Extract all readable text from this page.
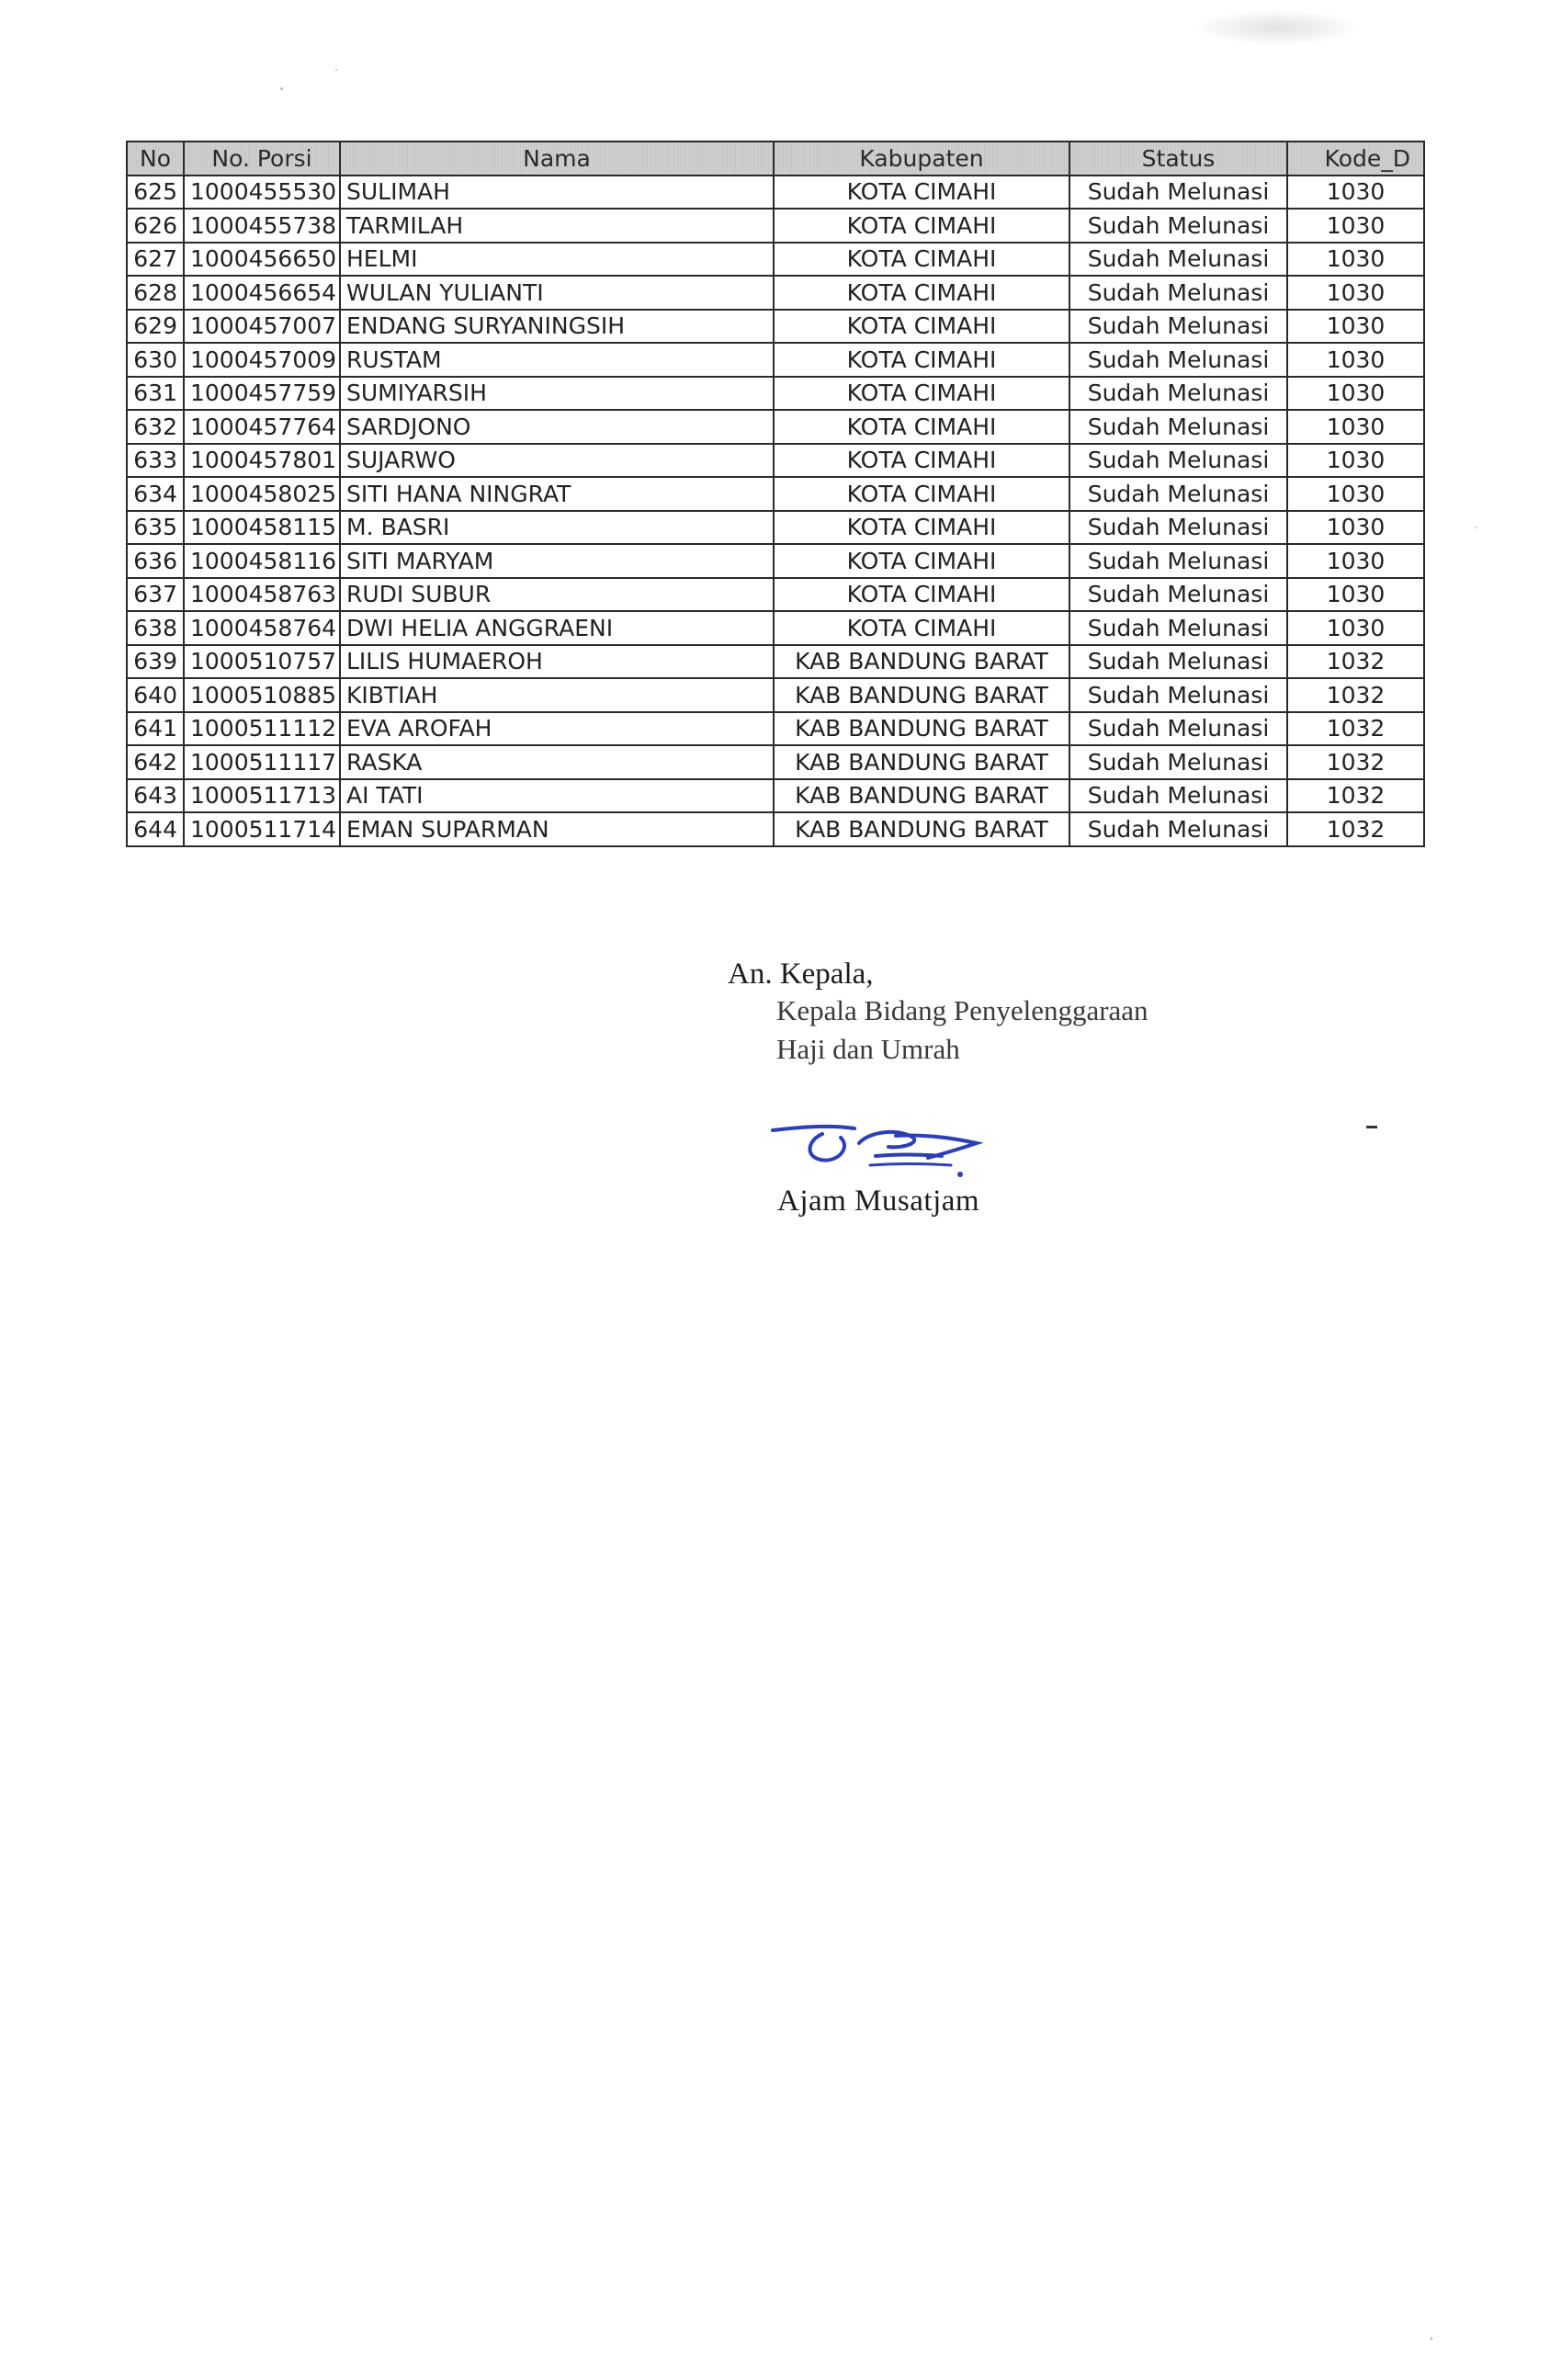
No	No. Porsi	Nama	Kabupaten	Status	Kode_D
625	1000455530	SULIMAH	KOTA CIMAHI	Sudah Melunasi	1030
626	1000455738	TARMILAH	KOTA CIMAHI	Sudah Melunasi	1030
627	1000456650	HELMI	KOTA CIMAHI	Sudah Melunasi	1030
628	1000456654	WULAN YULIANTI	KOTA CIMAHI	Sudah Melunasi	1030
629	1000457007	ENDANG SURYANINGSIH	KOTA CIMAHI	Sudah Melunasi	1030
630	1000457009	RUSTAM	KOTA CIMAHI	Sudah Melunasi	1030
631	1000457759	SUMIYARSIH	KOTA CIMAHI	Sudah Melunasi	1030
632	1000457764	SARDJONO	KOTA CIMAHI	Sudah Melunasi	1030
633	1000457801	SUJARWO	KOTA CIMAHI	Sudah Melunasi	1030
634	1000458025	SITI HANA NINGRAT	KOTA CIMAHI	Sudah Melunasi	1030
635	1000458115	M. BASRI	KOTA CIMAHI	Sudah Melunasi	1030
636	1000458116	SITI MARYAM	KOTA CIMAHI	Sudah Melunasi	1030
637	1000458763	RUDI SUBUR	KOTA CIMAHI	Sudah Melunasi	1030
638	1000458764	DWI HELIA ANGGRAENI	KOTA CIMAHI	Sudah Melunasi	1030
639	1000510757	LILIS HUMAEROH	KAB BANDUNG BARAT	Sudah Melunasi	1032
640	1000510885	KIBTIAH	KAB BANDUNG BARAT	Sudah Melunasi	1032
641	1000511112	EVA AROFAH	KAB BANDUNG BARAT	Sudah Melunasi	1032
642	1000511117	RASKA	KAB BANDUNG BARAT	Sudah Melunasi	1032
643	1000511713	AI TATI	KAB BANDUNG BARAT	Sudah Melunasi	1032
644	1000511714	EMAN SUPARMAN	KAB BANDUNG BARAT	Sudah Melunasi	1032
An. Kepala,
Kepala Bidang Penyelenggaraan
Haji dan Umrah
Ajam Musatjam
